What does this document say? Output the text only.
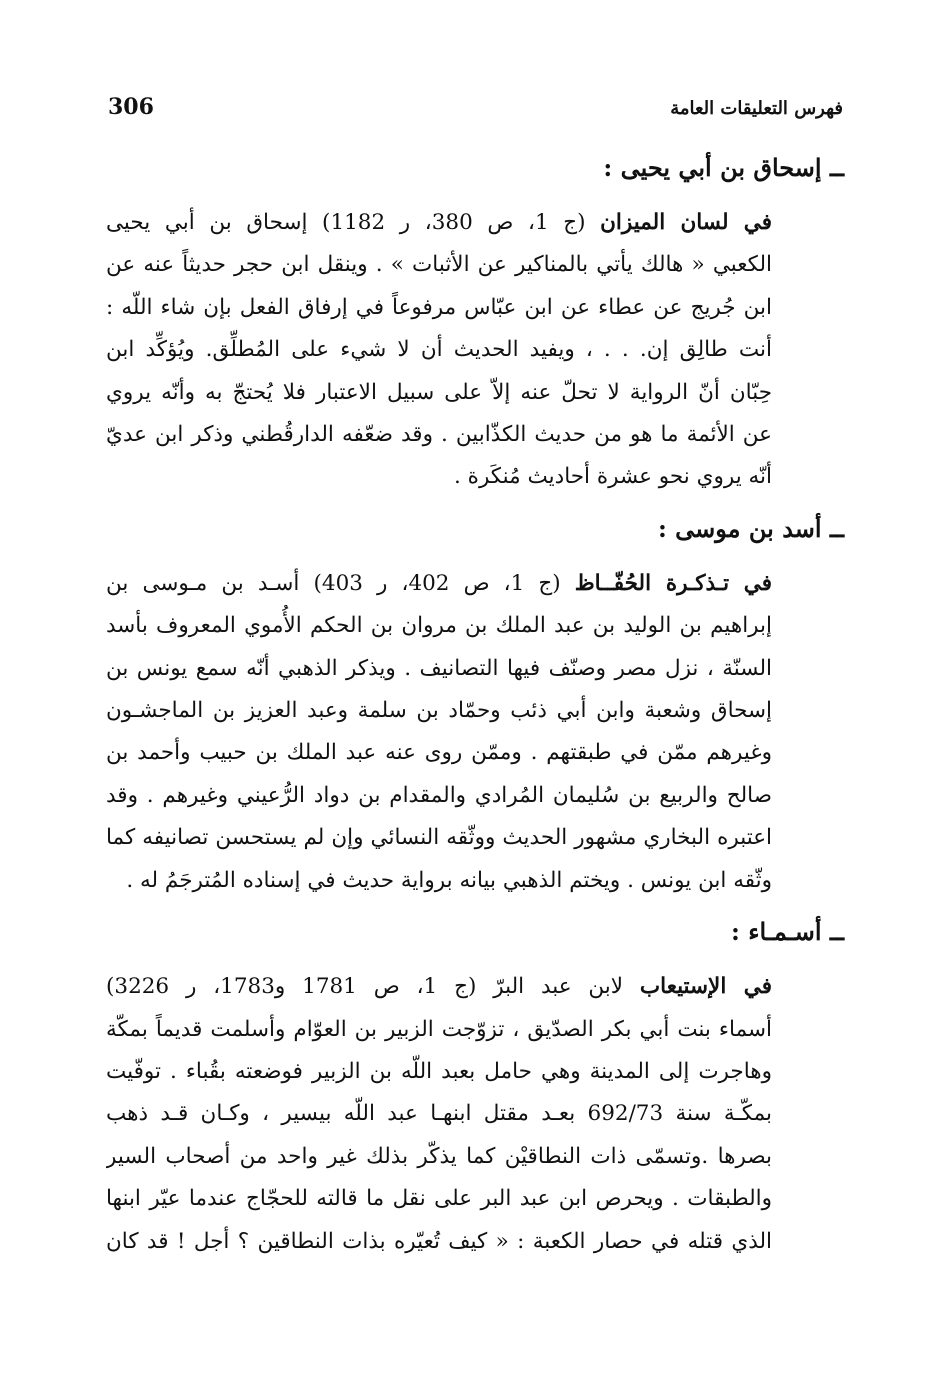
306	فهرس التعليقات العامة
ــ إسحاق بن أبي يحيى :
في لسان الميزان (ج 1، ص 380، ر 1182) إسحاق بن أبي يحيى
الكعبي « هالك يأتي بالمناكير عن الأثبات » . وينقل ابن حجر حديثاً عنه عن
ابن جُريج عن عطاء عن ابن عبّاس مرفوعاً في إرفاق الفعل بإن شاء اللّه :
أنت طالِق إن. . . ، ويفيد الحديث أن لا شيء على المُطلِّق. ويُؤكِّد ابن
حِبّان أنّ الرواية لا تحلّ عنه إلاّ على سبيل الاعتبار فلا يُحتجّ به وأنّه يروي
عن الأئمة ما هو من حديث الكذّابين . وقد ضعّفه الدارقُطني وذكر ابن عديّ
أنّه يروي نحو عشرة أحاديث مُنكَرة .
ــ أسد بن موسى :
في تـذكـرة الحُفّــاظ (ج 1، ص 402، ر 403) أسـد بن مـوسى بن
إبراهيم بن الوليد بن عبد الملك بن مروان بن الحكم الأُموي المعروف بأسد
السنّة ، نزل مصر وصنّف فيها التصانيف . ويذكر الذهبي أنّه سمع يونس بن
إسحاق وشعبة وابن أبي ذئب وحمّاد بن سلمة وعبد العزيز بن الماجشـون
وغيرهم ممّن في طبقتهم . وممّن روى عنه عبد الملك بن حبيب وأحمد بن
صالح والربيع بن سُليمان المُرادي والمقدام بن دواد الرُّعيني وغيرهم . وقد
اعتبره البخاري مشهور الحديث ووثّقه النسائي وإن لم يستحسن تصانيفه كما
وثّقه ابن يونس . ويختم الذهبي بيانه برواية حديث في إسناده المُترجَمُ له .
ــ أسـمـاء :
في الإستيعاب لابن عبد البرّ (ج 1، ص 1781 و1783، ر 3226)
أسماء بنت أبي بكر الصدّيق ، تزوّجت الزبير بن العوّام وأسلمت قديماً بمكّة
وهاجرت إلى المدينة وهي حامل بعبد اللّه بن الزبير فوضعته بقُباء . توفّيت
بمكّـة سنة 692/73 بعـد مقتل ابنهـا عبد اللّه بيسير ، وكـان قـد ذهب
بصرها .وتسمّى ذات النطاقيْن كما يذكّر بذلك غير واحد من أصحاب السير
والطبقات . ويحرص ابن عبد البر على نقل ما قالته للحجّاج عندما عيّر ابنها
الذي قتله في حصار الكعبة : « كيف تُعيّره بذات النطاقين ؟ أجل ! قد كان
